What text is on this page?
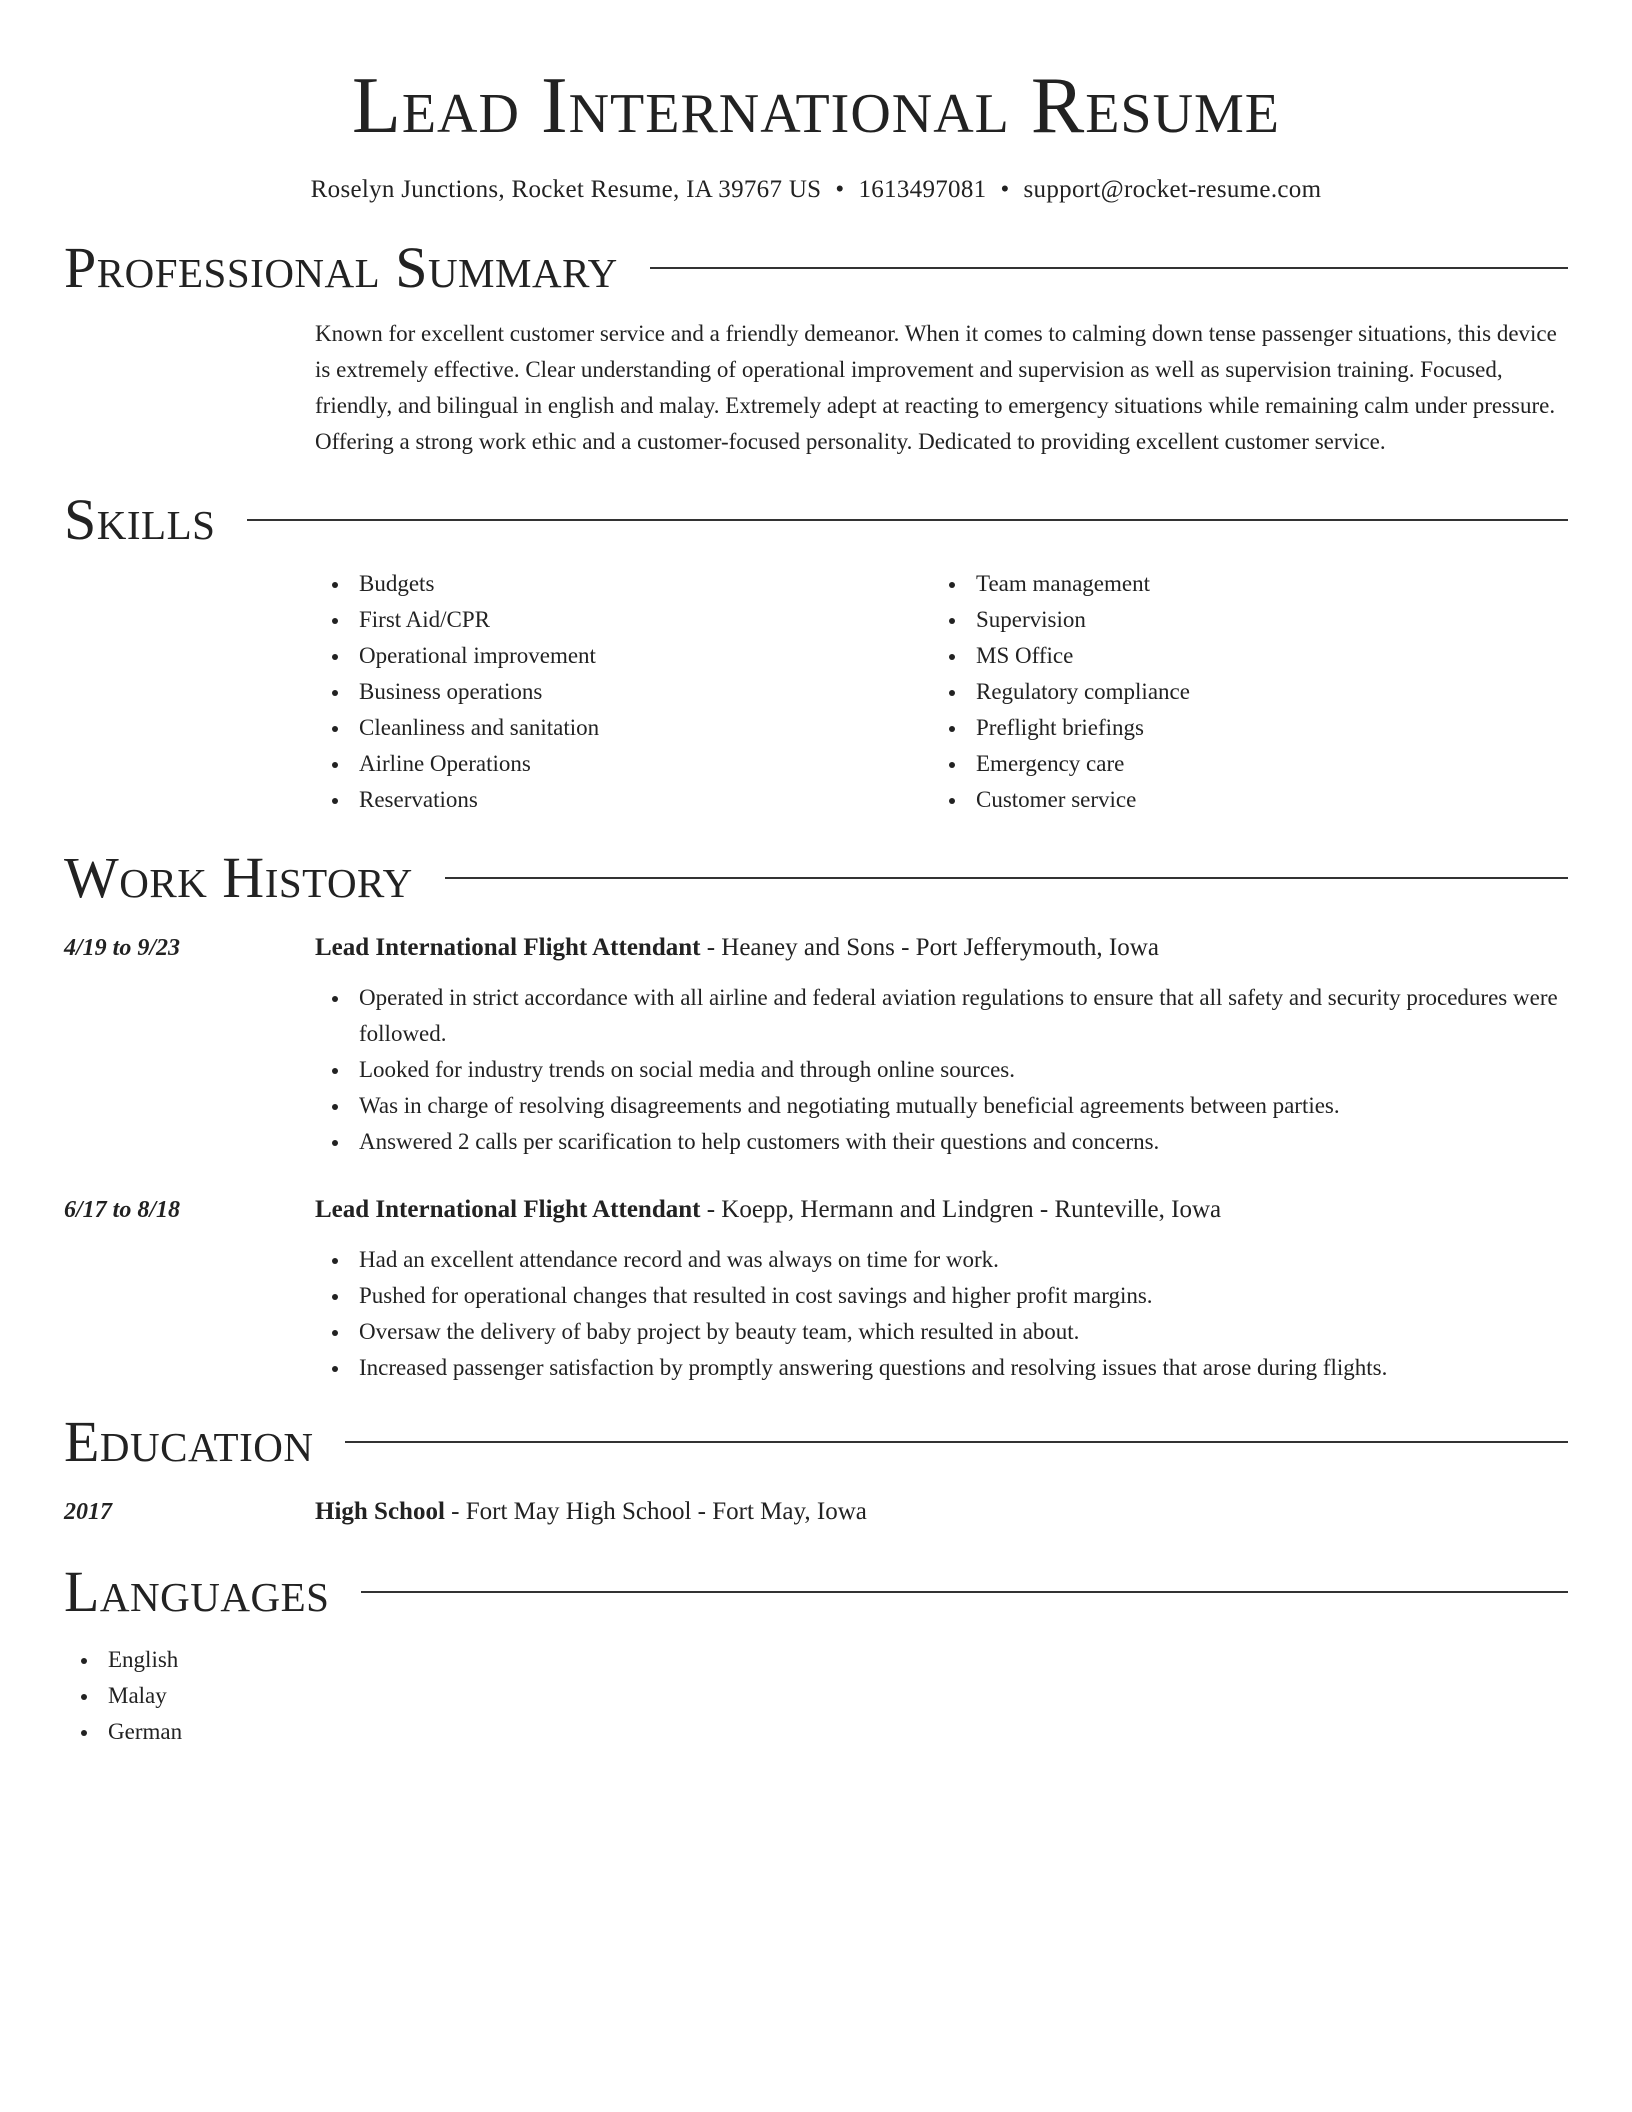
Lead International Resume
Roselyn Junctions, Rocket Resume, IA 39767 US • 1613497081 • support@rocket-resume.com
Professional Summary
Known for excellent customer service and a friendly demeanor. When it comes to calming down tense passenger situations, this device is extremely effective. Clear understanding of operational improvement and supervision as well as supervision training. Focused, friendly, and bilingual in english and malay. Extremely adept at reacting to emergency situations while remaining calm under pressure. Offering a strong work ethic and a customer-focused personality. Dedicated to providing excellent customer service.
Skills
Budgets
First Aid/CPR
Operational improvement
Business operations
Cleanliness and sanitation
Airline Operations
Reservations
Team management
Supervision
MS Office
Regulatory compliance
Preflight briefings
Emergency care
Customer service
Work History
4/19 to 9/23	Lead International Flight Attendant - Heaney and Sons - Port Jefferymouth, Iowa
Operated in strict accordance with all airline and federal aviation regulations to ensure that all safety and security procedures were followed.
Looked for industry trends on social media and through online sources.
Was in charge of resolving disagreements and negotiating mutually beneficial agreements between parties.
Answered 2 calls per scarification to help customers with their questions and concerns.
6/17 to 8/18	Lead International Flight Attendant - Koepp, Hermann and Lindgren - Runteville, Iowa
Had an excellent attendance record and was always on time for work.
Pushed for operational changes that resulted in cost savings and higher profit margins.
Oversaw the delivery of baby project by beauty team, which resulted in about.
Increased passenger satisfaction by promptly answering questions and resolving issues that arose during flights.
Education
2017	High School - Fort May High School - Fort May, Iowa
Languages
English
Malay
German
